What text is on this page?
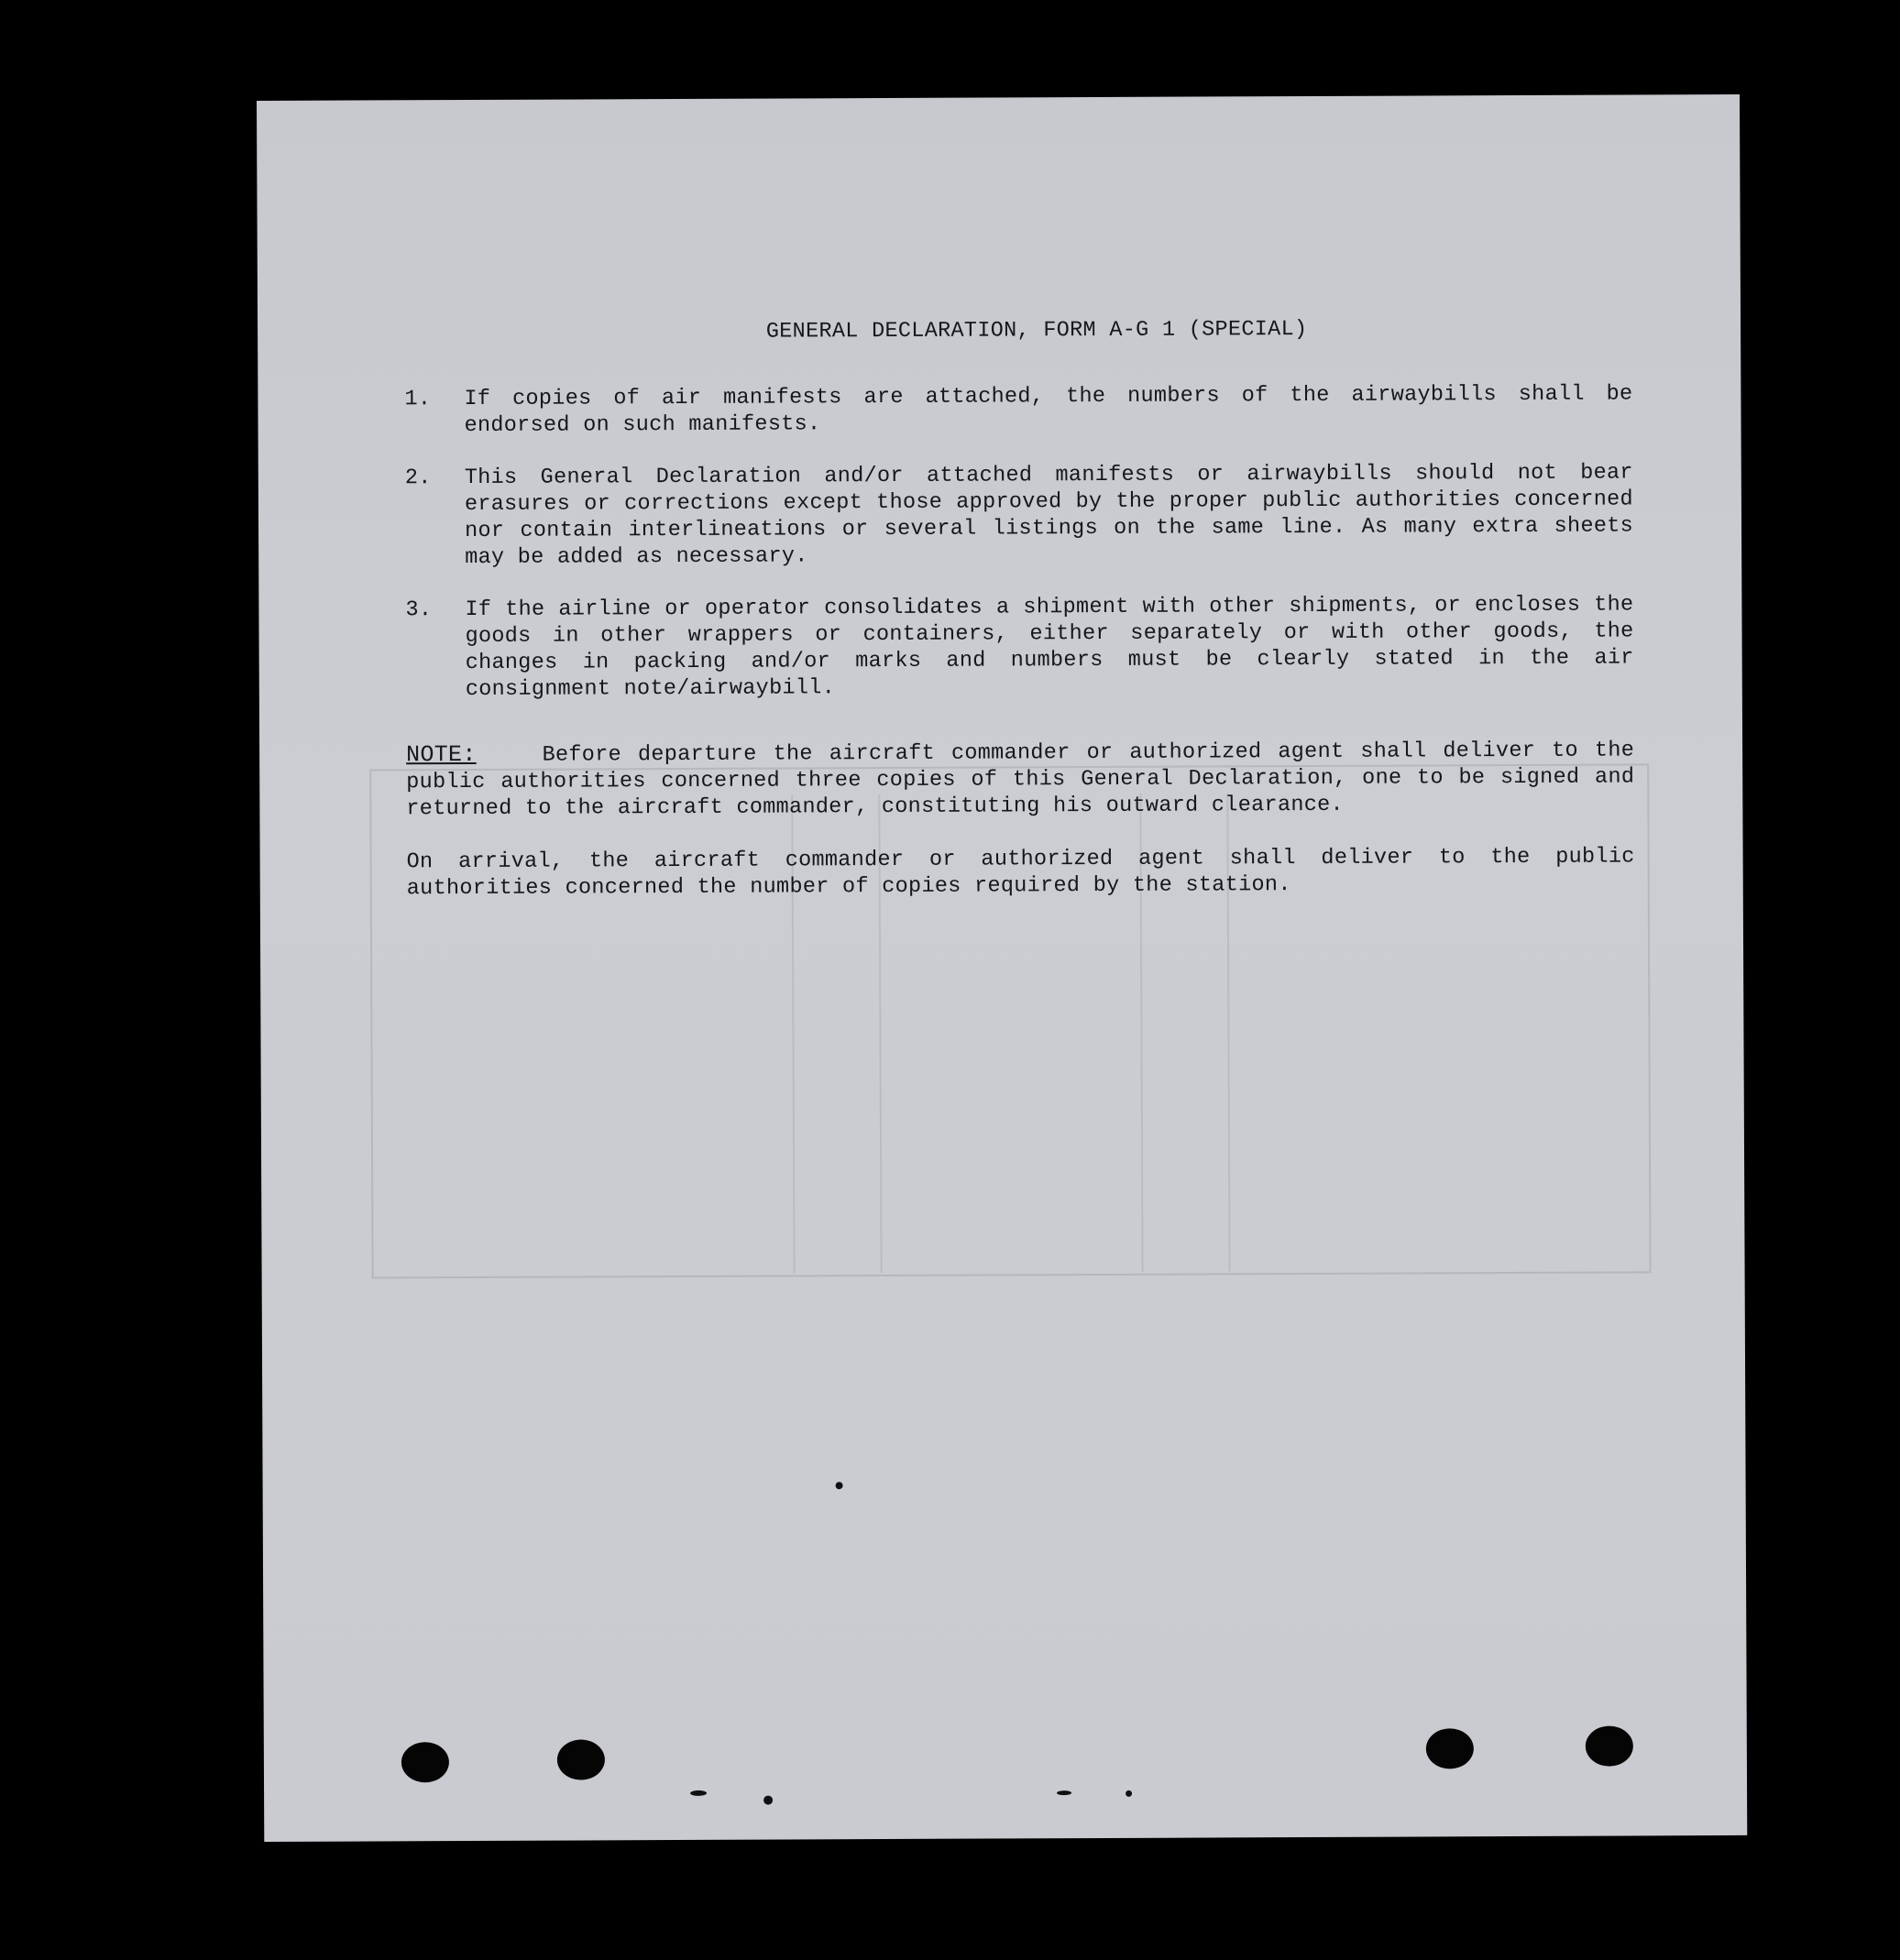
GENERAL DECLARATION, FORM A-G 1 (SPECIAL)
1.	If copies of air manifests are attached, the numbers of the airwaybills shall be endorsed on such manifests.
2.	This General Declaration and/or attached manifests or airwaybills should not bear erasures or corrections except those approved by the proper public authorities concerned nor contain interlineations or several listings on the same line. As many extra sheets may be added as necessary.
3.	If the airline or operator consolidates a shipment with other shipments, or encloses the goods in other wrappers or containers, either separately or with other goods, the changes in packing and/or marks and numbers must be clearly stated in the air consignment note/airwaybill.

NOTE:	Before departure the aircraft commander or authorized agent shall deliver to the public authorities concerned three copies of this General Declaration, one to be signed and returned to the aircraft commander, constituting his outward clearance.

On arrival, the aircraft commander or authorized agent shall deliver to the public authorities concerned the number of copies required by the station.
